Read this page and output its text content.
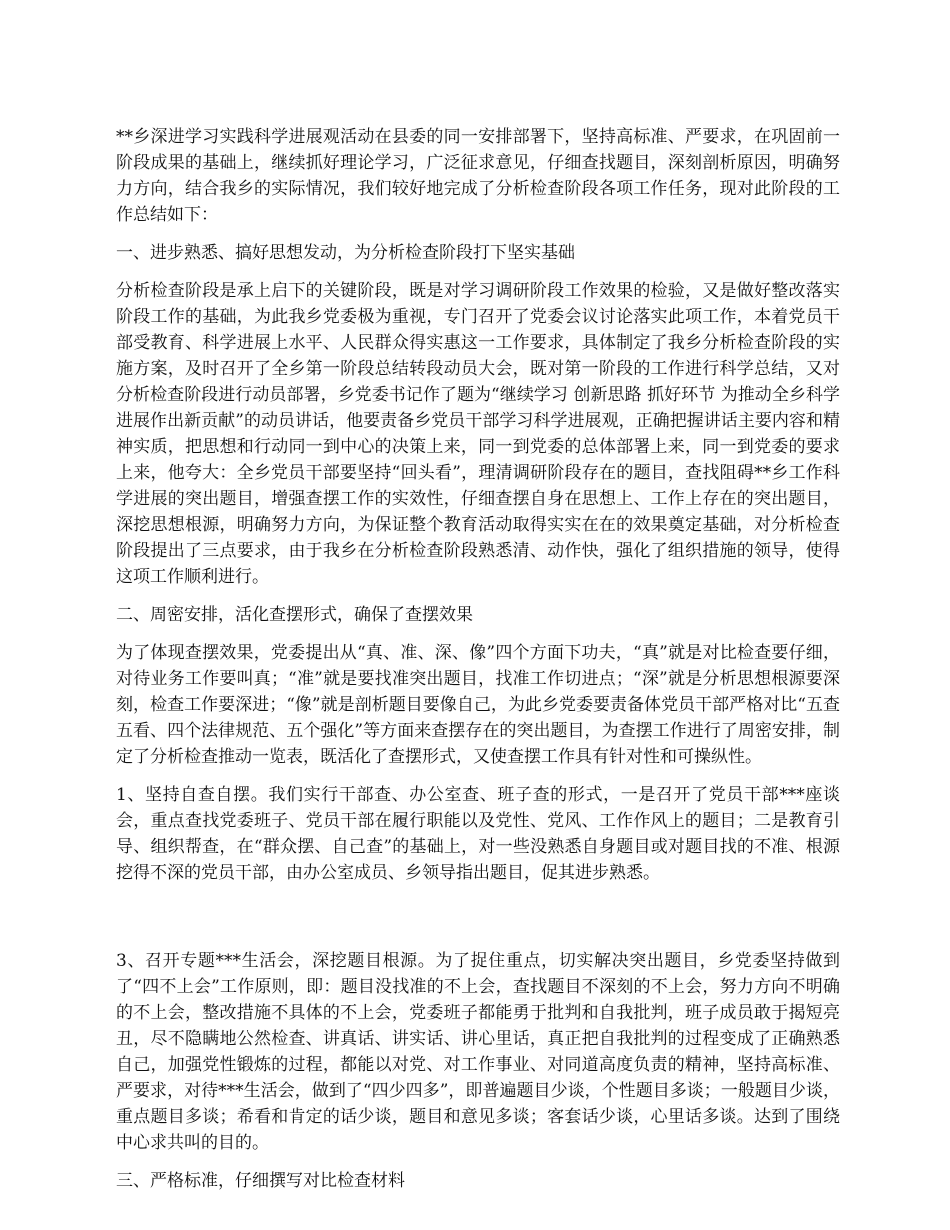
**乡深进学习实践科学进展观活动在县委的同一安排部署下，坚持高标准、严要求，在巩固前一阶段成果的基础上，继续抓好理论学习，广泛征求意见，仔细查找题目，深刻剖析原因，明确努力方向，结合我乡的实际情况，我们较好地完成了分析检查阶段各项工作任务，现对此阶段的工作总结如下：

一、进步熟悉、搞好思想发动，为分析检查阶段打下坚实基础

分析检查阶段是承上启下的关键阶段，既是对学习调研阶段工作效果的检验，又是做好整改落实阶段工作的基础，为此我乡党委极为重视，专门召开了党委会议讨论落实此项工作，本着党员干部受教育、科学进展上水平、人民群众得实惠这一工作要求，具体制定了我乡分析检查阶段的实施方案，及时召开了全乡第一阶段总结转段动员大会，既对第一阶段的工作进行科学总结，又对分析检查阶段进行动员部署，乡党委书记作了题为“继续学习 创新思路 抓好环节 为推动全乡科学进展作出新贡献”的动员讲话，他要责备乡党员干部学习科学进展观，正确把握讲话主要内容和精神实质，把思想和行动同一到中心的决策上来，同一到党委的总体部署上来，同一到党委的要求上来，他夸大：全乡党员干部要坚持“回头看”，理清调研阶段存在的题目，查找阻碍**乡工作科学进展的突出题目，增强查摆工作的实效性，仔细查摆自身在思想上、工作上存在的突出题目，深挖思想根源，明确努力方向，为保证整个教育活动取得实实在在的效果奠定基础，对分析检查阶段提出了三点要求，由于我乡在分析检查阶段熟悉清、动作快，强化了组织措施的领导，使得这项工作顺利进行。

二、周密安排，活化查摆形式，确保了查摆效果

为了体现查摆效果，党委提出从“真、准、深、像”四个方面下功夫，“真”就是对比检查要仔细，对待业务工作要叫真；“准”就是要找准突出题目，找准工作切进点；“深”就是分析思想根源要深刻，检查工作要深进；“像”就是剖析题目要像自己，为此乡党委要责备体党员干部严格对比“五查五看、四个法律规范、五个强化”等方面来查摆存在的突出题目，为查摆工作进行了周密安排，制定了分析检查推动一览表，既活化了查摆形式，又使查摆工作具有针对性和可操纵性。

1、坚持自查自摆。我们实行干部查、办公室查、班子查的形式，一是召开了党员干部***座谈会，重点查找党委班子、党员干部在履行职能以及党性、党风、工作作风上的题目；二是教育引导、组织帮查，在“群众摆、自己查”的基础上，对一些没熟悉自身题目或对题目找的不准、根源挖得不深的党员干部，由办公室成员、乡领导指出题目，促其进步熟悉。

3、召开专题***生活会，深挖题目根源。为了捉住重点，切实解决突出题目，乡党委坚持做到了“四不上会”工作原则，即：题目没找准的不上会，查找题目不深刻的不上会，努力方向不明确的不上会，整改措施不具体的不上会，党委班子都能勇于批判和自我批判，班子成员敢于揭短亮丑，尽不隐瞒地公然检查、讲真话、讲实话、讲心里话，真正把自我批判的过程变成了正确熟悉自己，加强党性锻炼的过程，都能以对党、对工作事业、对同道高度负责的精神，坚持高标准、严要求，对待***生活会，做到了“四少四多”，即普遍题目少谈，个性题目多谈；一般题目少谈，重点题目多谈；希看和肯定的话少谈，题目和意见多谈；客套话少谈，心里话多谈。达到了围绕中心求共叫的目的。

三、严格标准，仔细撰写对比检查材料
